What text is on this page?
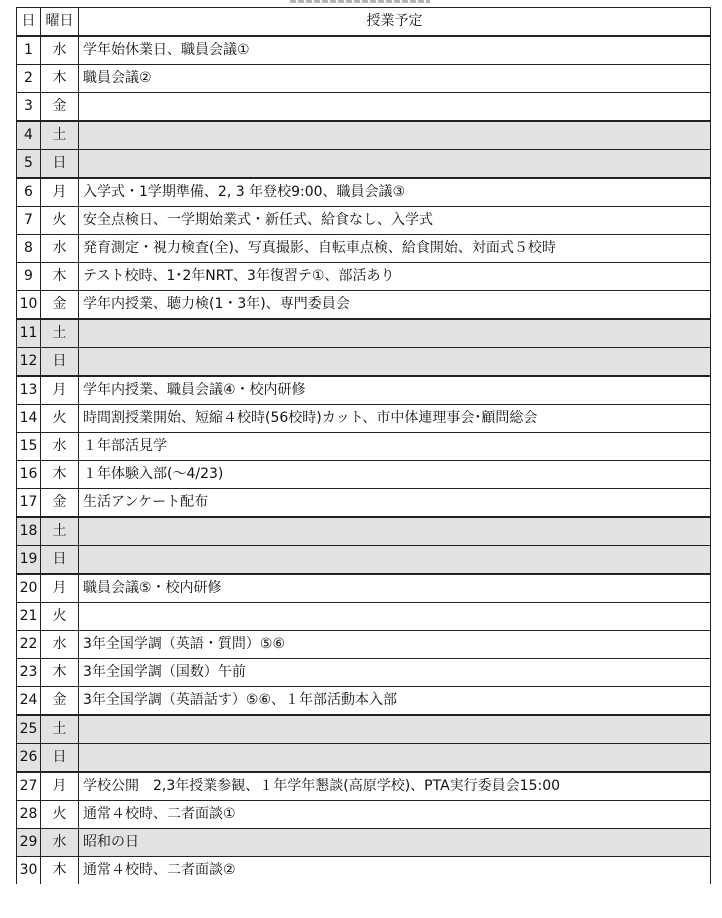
日	曜日	授業予定
1	水	学年始休業日、職員会議①
2	木	職員会議②
3	金	
4	土	
5	日	
6	月	入学式・1学期準備、2, 3 年登校9:00、職員会議③
7	火	安全点検日、一学期始業式・新任式、給食なし、入学式
8	水	発育測定・視力検査(全)、写真撮影、自転車点検、給食開始、対面式５校時
9	木	テスト校時、1･2年NRT、3年復習テ①、部活あり
10	金	学年内授業、聴力検(1・3年)、専門委員会
11	土	
12	日	
13	月	学年内授業、職員会議④・校内研修
14	火	時間割授業開始、短縮４校時(56校時)カット、市中体連理事会･顧問総会
15	水	１年部活見学
16	木	１年体験入部(～4/23)
17	金	生活アンケート配布
18	土	
19	日	
20	月	職員会議⑤・校内研修
21	火	
22	水	3年全国学調（英語・質問）⑤⑥
23	木	3年全国学調（国数）午前
24	金	3年全国学調（英語話す）⑤⑥、１年部活動本入部
25	土	
26	日	
27	月	学校公開　2,3年授業参観、１年学年懇談(高原学校)、PTA実行委員会15:00
28	火	通常４校時、二者面談①
29	水	昭和の日
30	木	通常４校時、二者面談②
